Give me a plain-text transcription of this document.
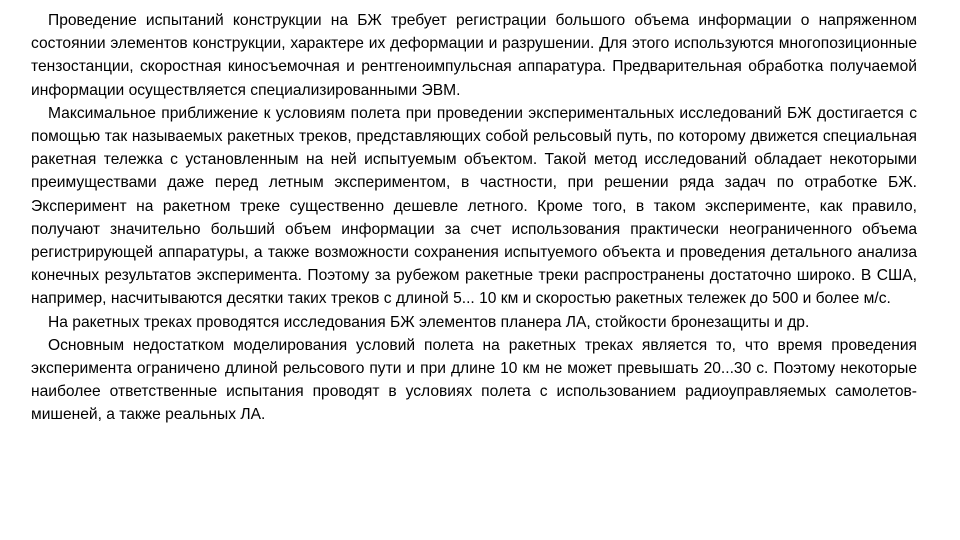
Проведение испытаний конструкции на БЖ требует регистрации большого объема информации о напряженном состоянии элементов конструкции, характере их деформации и разрушении. Для этого используются многопозиционные тензостанции, скоростная киносъемочная и рентгеноимпульсная аппаратура. Предварительная обработка получаемой информации осуществляется специализированными ЭВМ.

Максимальное приближение к условиям полета при проведении экспериментальных исследований БЖ достигается с помощью так называемых ракетных треков, представляющих собой рельсовый путь, по которому движется специальная ракетная тележка с установленным на ней испытуемым объектом. Такой метод исследований обладает некоторыми преимуществами даже перед летным экспериментом, в частности, при решении ряда задач по отработке БЖ. Эксперимент на ракетном треке существенно дешевле летного. Кроме того, в таком эксперименте, как правило, получают значительно больший объем информации за счет использования практически неограниченного объема регистрирующей аппаратуры, а также возможности сохранения испытуемого объекта и проведения детального анализа конечных результатов эксперимента. Поэтому за рубежом ракетные треки распространены достаточно широко. В США, например, насчитываются десятки таких треков с длиной 5... 10 км и скоростью ракетных тележек до 500 и более м/с.

На ракетных треках проводятся исследования БЖ элементов планера ЛА, стойкости бронезащиты и др.

Основным недостатком моделирования условий полета на ракетных треках является то, что время проведения эксперимента ограничено длиной рельсового пути и при длине 10 км не может превышать 20...30 с. Поэтому некоторые наиболее ответственные испытания проводят в условиях полета с использованием радиоуправляемых самолетов-мишеней, а также реальных ЛА.
